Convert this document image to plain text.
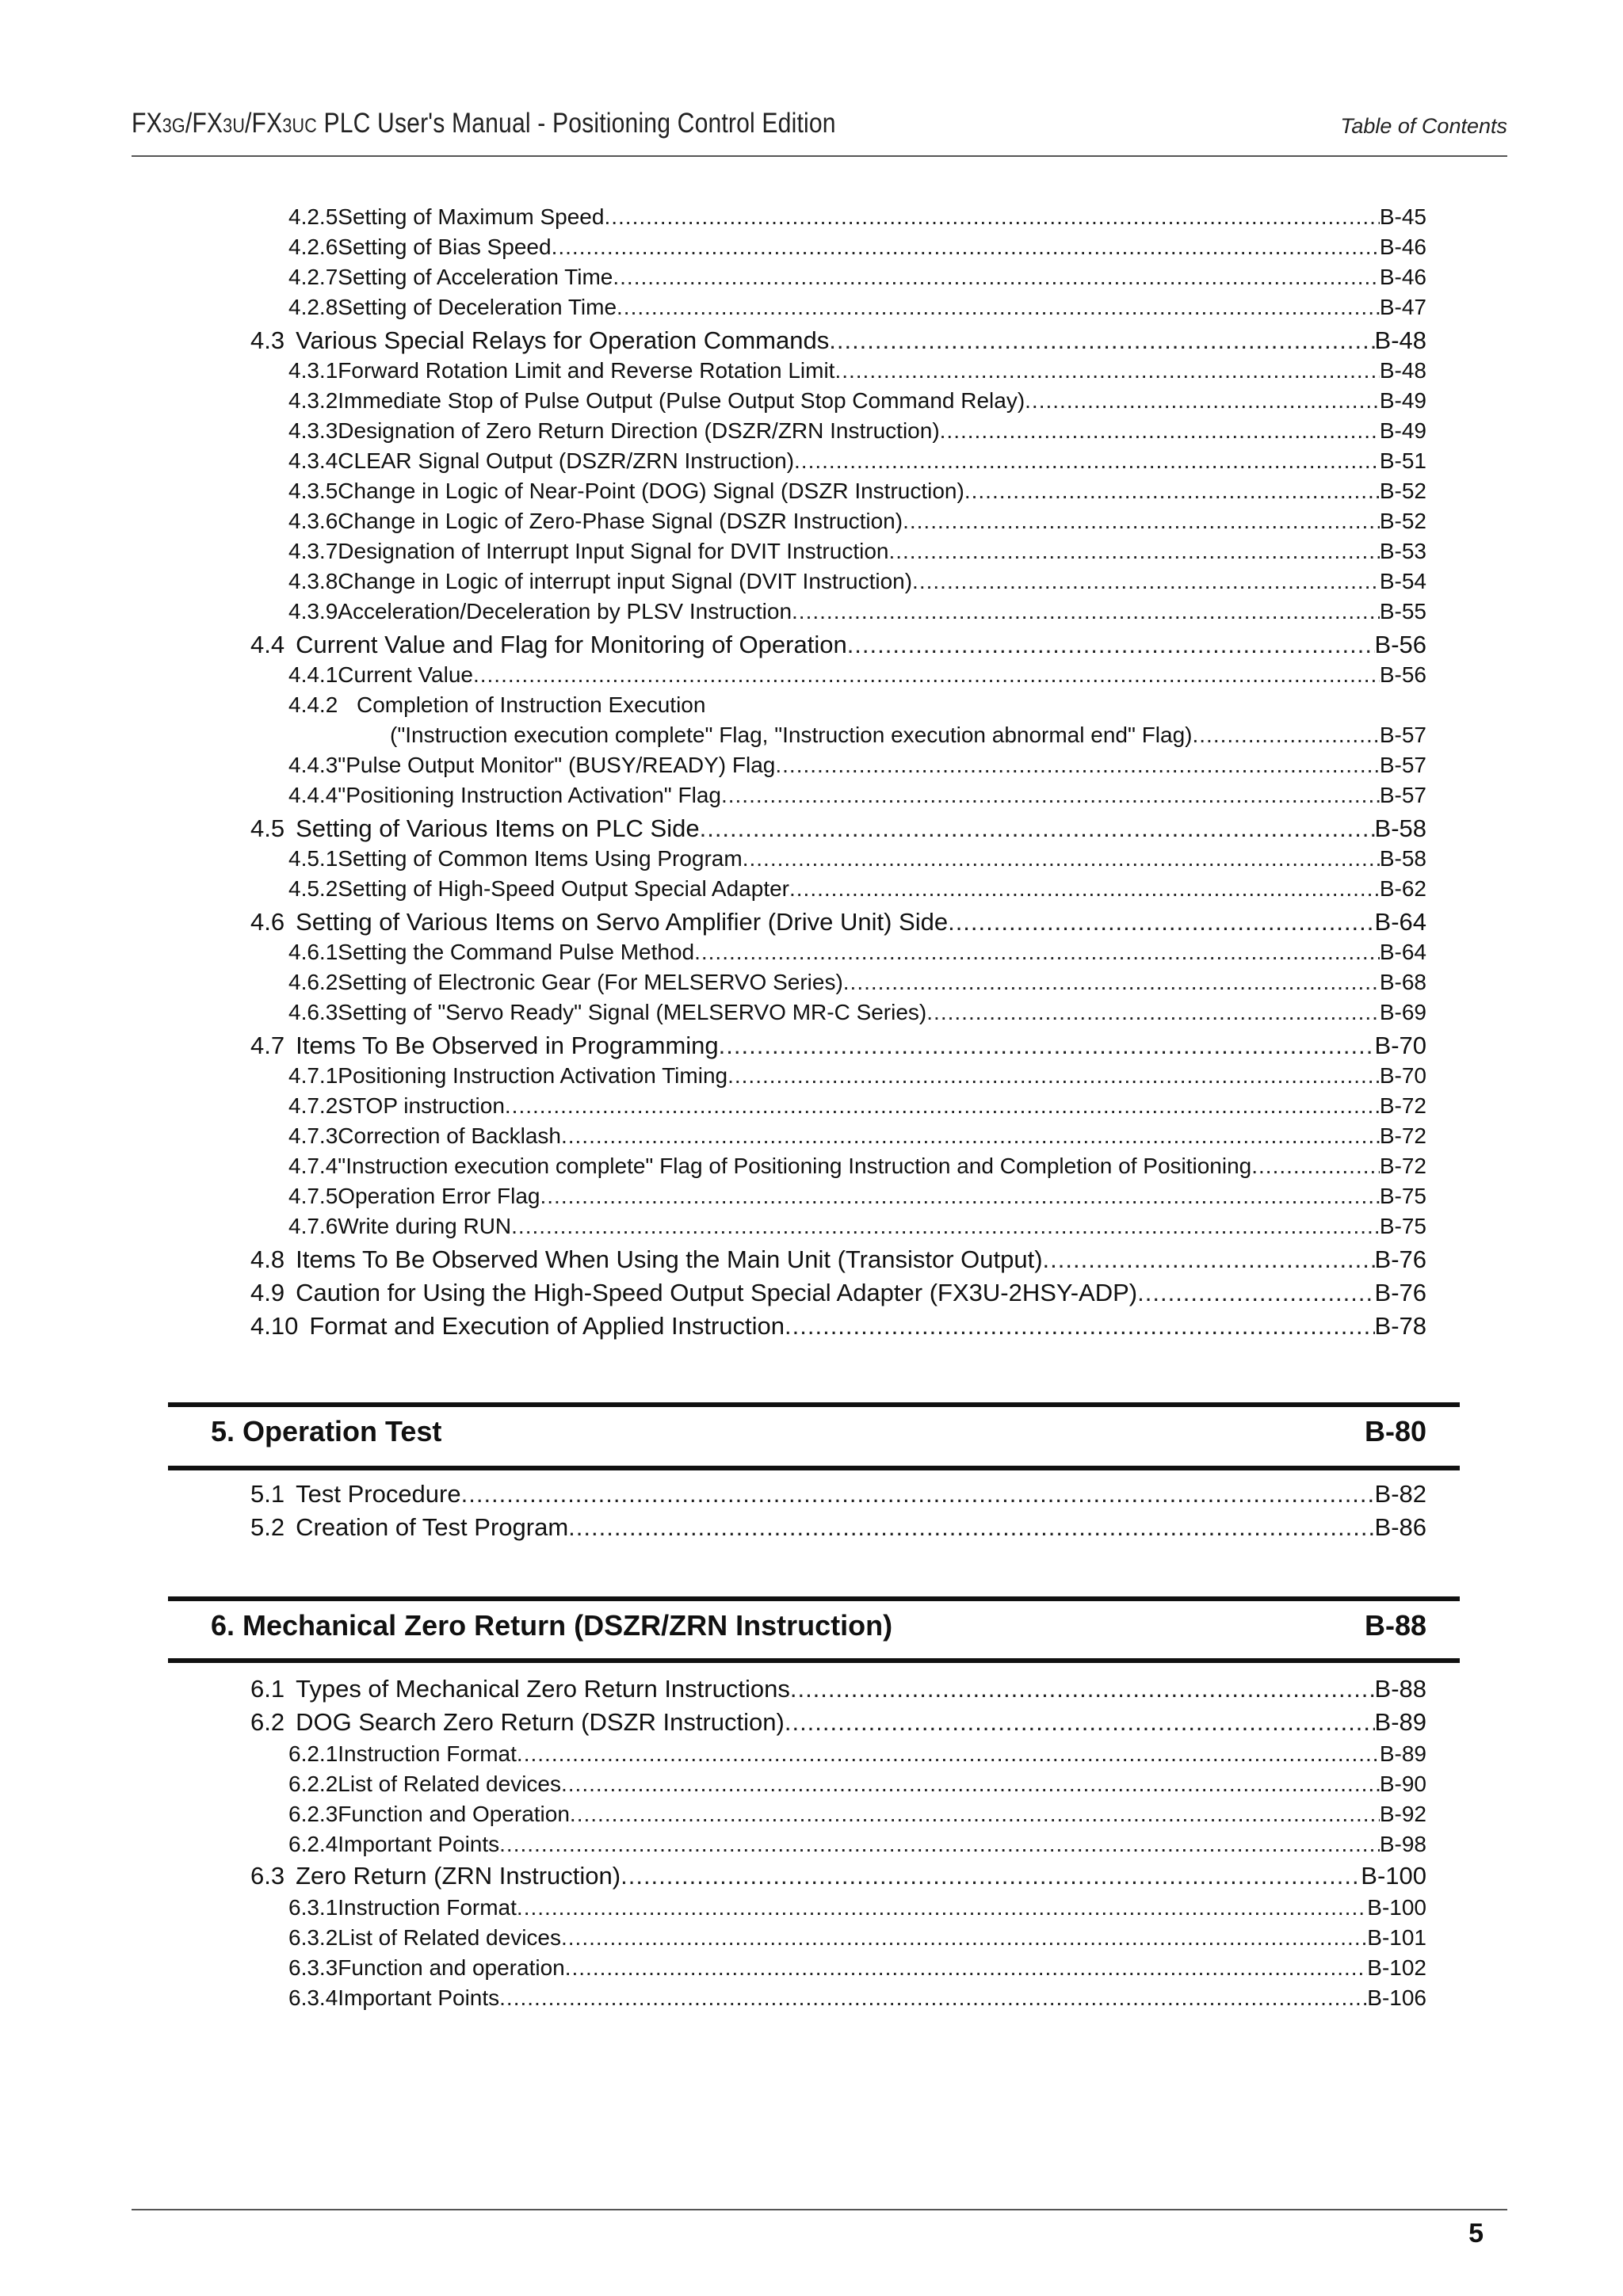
FX3G/FX3U/FX3UC PLC User's Manual - Positioning Control Edition	Table of Contents
4.2.5 Setting of Maximum Speed .....	B-45
4.2.6 Setting of Bias Speed .....	B-46
4.2.7 Setting of Acceleration Time .....	B-46
4.2.8 Setting of Deceleration Time .....	B-47
4.3 Various Special Relays for Operation Commands .....	B-48
4.3.1 Forward Rotation Limit and Reverse Rotation Limit .....	B-48
4.3.2 Immediate Stop of Pulse Output (Pulse Output Stop Command Relay) .....	B-49
4.3.3 Designation of Zero Return Direction (DSZR/ZRN Instruction) .....	B-49
4.3.4 CLEAR Signal Output (DSZR/ZRN Instruction) .....	B-51
4.3.5 Change in Logic of Near-Point (DOG) Signal (DSZR Instruction) .....	B-52
4.3.6 Change in Logic of Zero-Phase Signal (DSZR Instruction) .....	B-52
4.3.7 Designation of Interrupt Input Signal for DVIT Instruction .....	B-53
4.3.8 Change in Logic of interrupt input Signal (DVIT Instruction) .....	B-54
4.3.9 Acceleration/Deceleration by PLSV Instruction .....	B-55
4.4 Current Value and Flag for Monitoring of Operation .....	B-56
4.4.1 Current Value .....	B-56
4.4.2 Completion of Instruction Execution
("Instruction execution complete" Flag, "Instruction execution abnormal end" Flag) .....	B-57
4.4.3 "Pulse Output Monitor" (BUSY/READY) Flag .....	B-57
4.4.4 "Positioning Instruction Activation" Flag .....	B-57
4.5 Setting of Various Items on PLC Side .....	B-58
4.5.1 Setting of Common Items Using Program .....	B-58
4.5.2 Setting of High-Speed Output Special Adapter .....	B-62
4.6 Setting of Various Items on Servo Amplifier (Drive Unit) Side .....	B-64
4.6.1 Setting the Command Pulse Method .....	B-64
4.6.2 Setting of Electronic Gear (For MELSERVO Series) .....	B-68
4.6.3 Setting of "Servo Ready" Signal (MELSERVO MR-C Series) .....	B-69
4.7 Items To Be Observed in Programming .....	B-70
4.7.1 Positioning Instruction Activation Timing .....	B-70
4.7.2 STOP instruction .....	B-72
4.7.3 Correction of Backlash .....	B-72
4.7.4 "Instruction execution complete" Flag of Positioning Instruction and Completion of Positioning .....	B-72
4.7.5 Operation Error Flag .....	B-75
4.7.6 Write during RUN .....	B-75
4.8 Items To Be Observed When Using the Main Unit (Transistor Output) .....	B-76
4.9 Caution for Using the High-Speed Output Special Adapter (FX3U-2HSY-ADP) .....	B-76
4.10 Format and Execution of Applied Instruction .....	B-78
5. Operation Test	B-80
5.1 Test Procedure .....	B-82
5.2 Creation of Test Program .....	B-86
6. Mechanical Zero Return (DSZR/ZRN Instruction)	B-88
6.1 Types of Mechanical Zero Return Instructions .....	B-88
6.2 DOG Search Zero Return (DSZR Instruction) .....	B-89
6.2.1 Instruction Format .....	B-89
6.2.2 List of Related devices .....	B-90
6.2.3 Function and Operation .....	B-92
6.2.4 Important Points .....	B-98
6.3 Zero Return (ZRN Instruction) .....	B-100
6.3.1 Instruction Format .....	B-100
6.3.2 List of Related devices .....	B-101
6.3.3 Function and operation .....	B-102
6.3.4 Important Points .....	B-106
5
